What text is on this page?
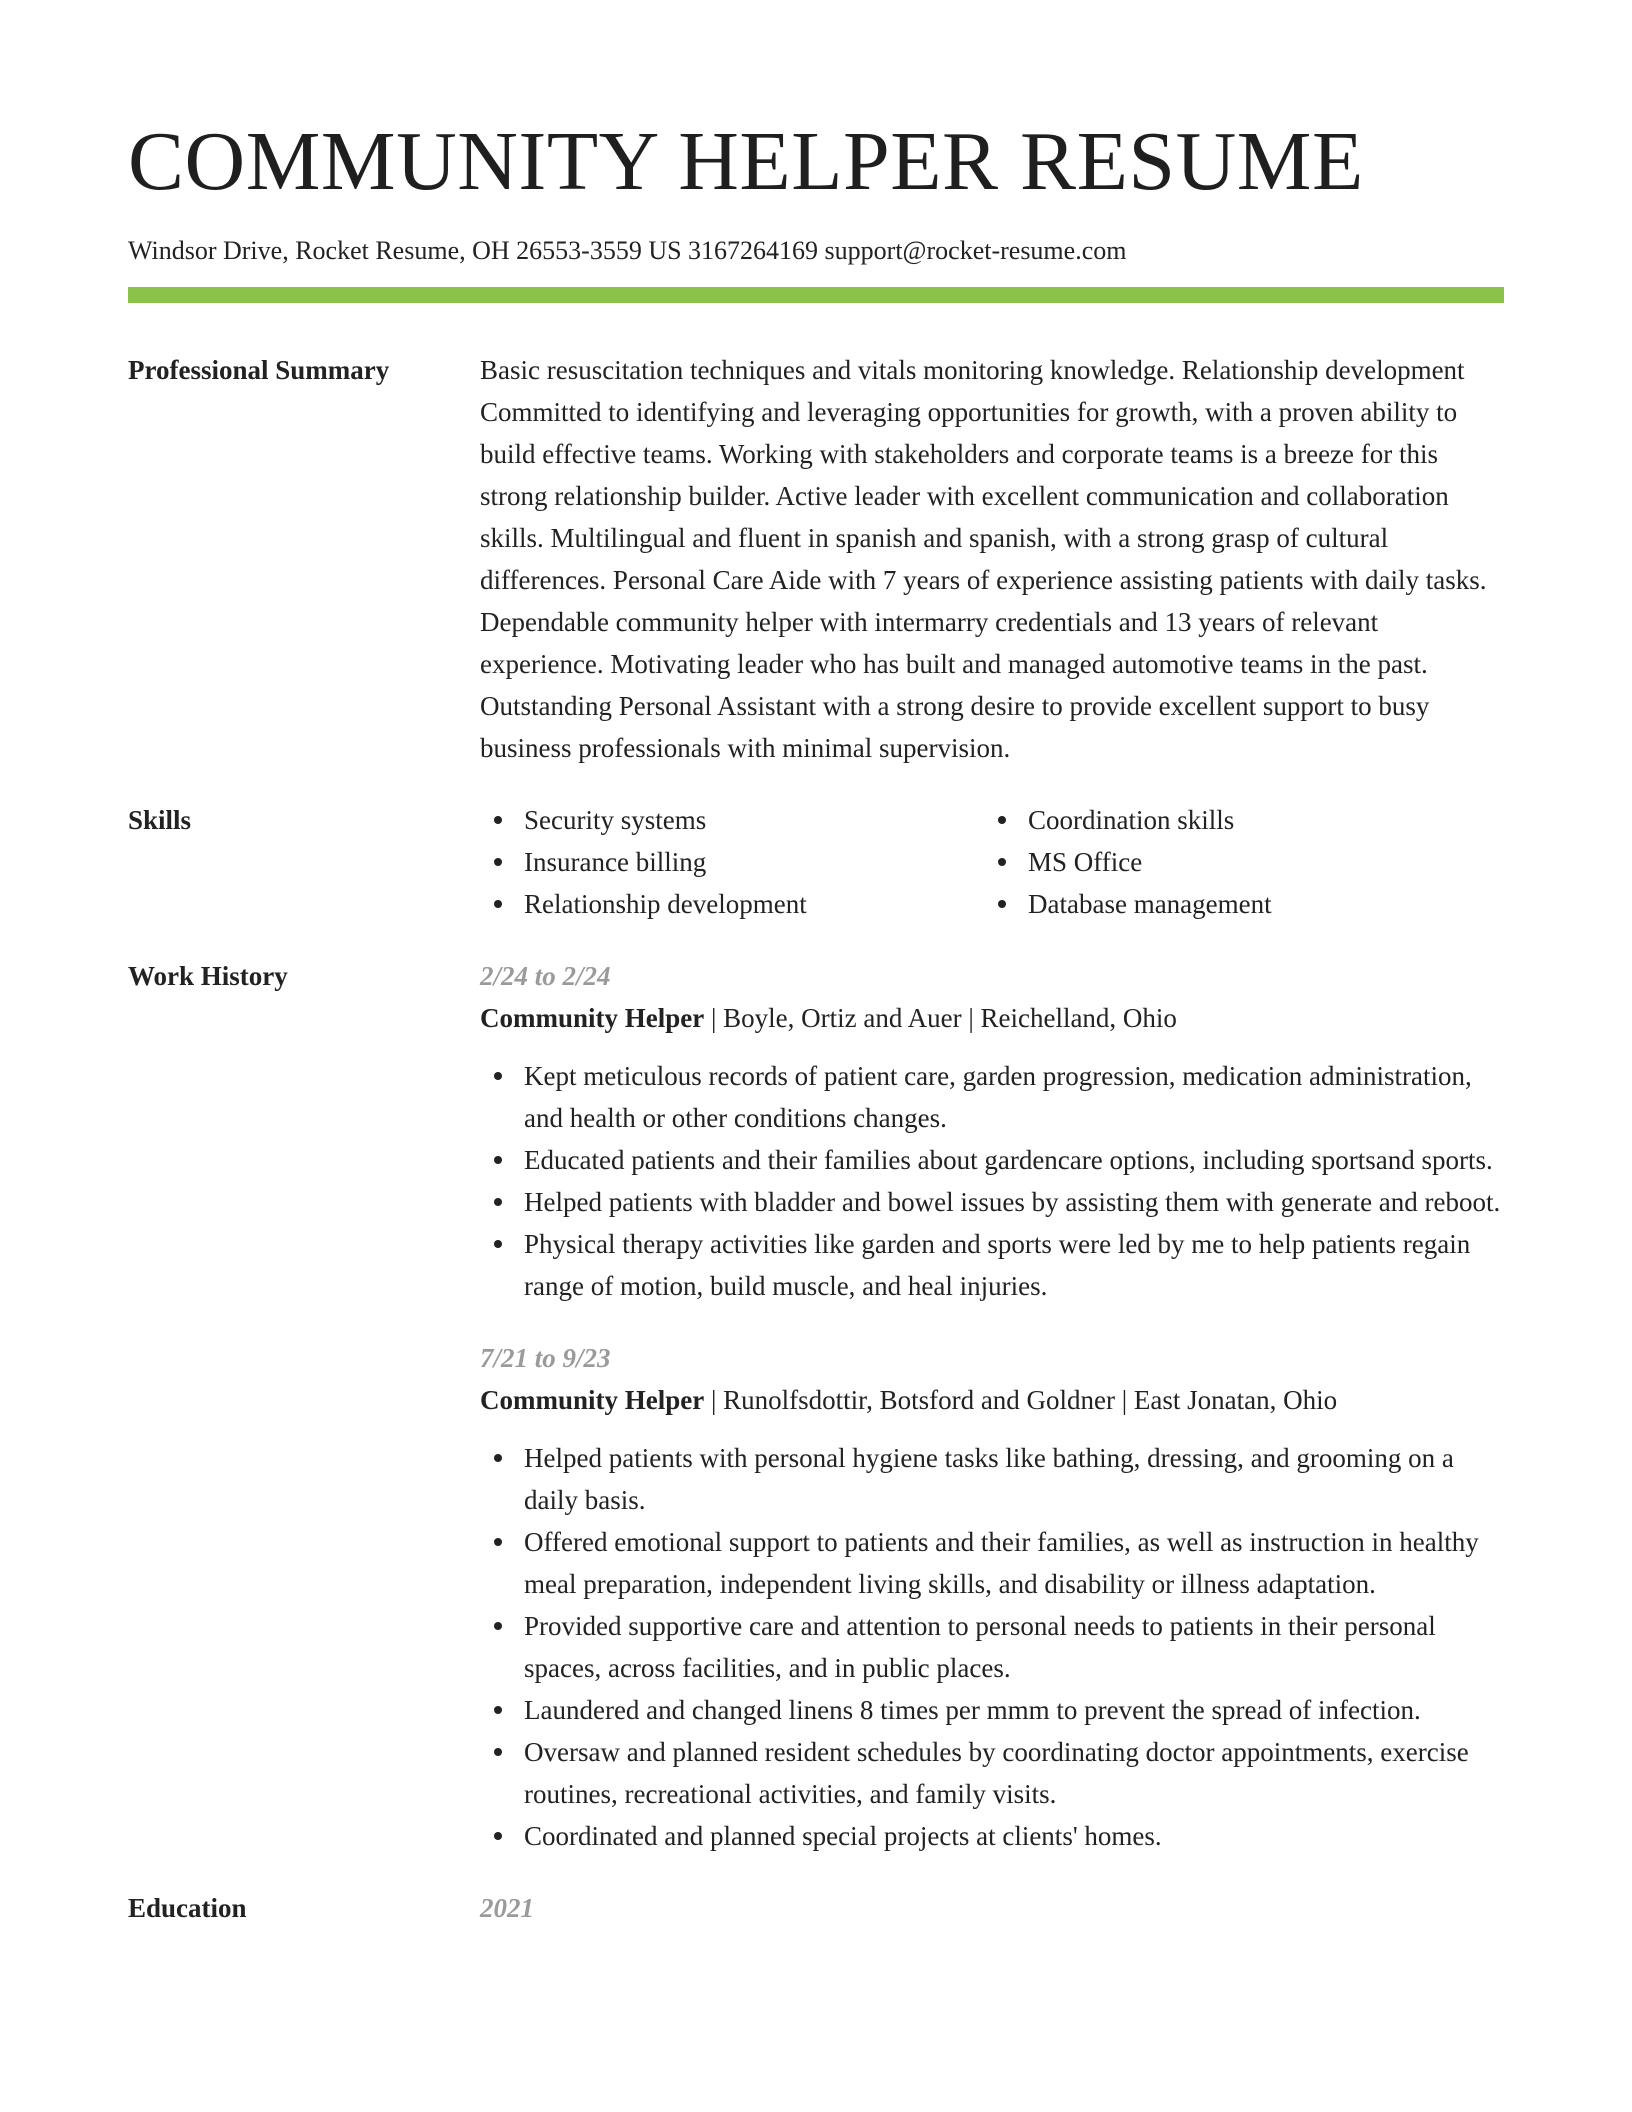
COMMUNITY HELPER RESUME
Windsor Drive, Rocket Resume, OH 26553-3559 US 3167264169 support@rocket-resume.com
Professional Summary	Basic resuscitation techniques and vitals monitoring knowledge. Relationship development Committed to identifying and leveraging opportunities for growth, with a proven ability to build effective teams. Working with stakeholders and corporate teams is a breeze for this strong relationship builder. Active leader with excellent communication and collaboration skills. Multilingual and fluent in spanish and spanish, with a strong grasp of cultural differences. Personal Care Aide with 7 years of experience assisting patients with daily tasks. Dependable community helper with intermarry credentials and 13 years of relevant experience. Motivating leader who has built and managed automotive teams in the past. Outstanding Personal Assistant with a strong desire to provide excellent support to busy business professionals with minimal supervision.

Skills	Security systems	Coordination skills
Insurance billing	MS Office
Relationship development	Database management
Work History	2/24 to 2/24
Community Helper | Boyle, Ortiz and Auer | Reichelland, Ohio
Kept meticulous records of patient care, garden progression, medication administration, and health or other conditions changes.
Educated patients and their families about gardencare options, including sportsand sports.
Helped patients with bladder and bowel issues by assisting them with generate and reboot.
Physical therapy activities like garden and sports were led by me to help patients regain range of motion, build muscle, and heal injuries.
7/21 to 9/23
Community Helper | Runolfsdottir, Botsford and Goldner | East Jonatan, Ohio
Helped patients with personal hygiene tasks like bathing, dressing, and grooming on a daily basis.
Offered emotional support to patients and their families, as well as instruction in healthy meal preparation, independent living skills, and disability or illness adaptation.
Provided supportive care and attention to personal needs to patients in their personal spaces, across facilities, and in public places.
Laundered and changed linens 8 times per mmm to prevent the spread of infection.
Oversaw and planned resident schedules by coordinating doctor appointments, exercise routines, recreational activities, and family visits.
Coordinated and planned special projects at clients' homes.
Education	2021
